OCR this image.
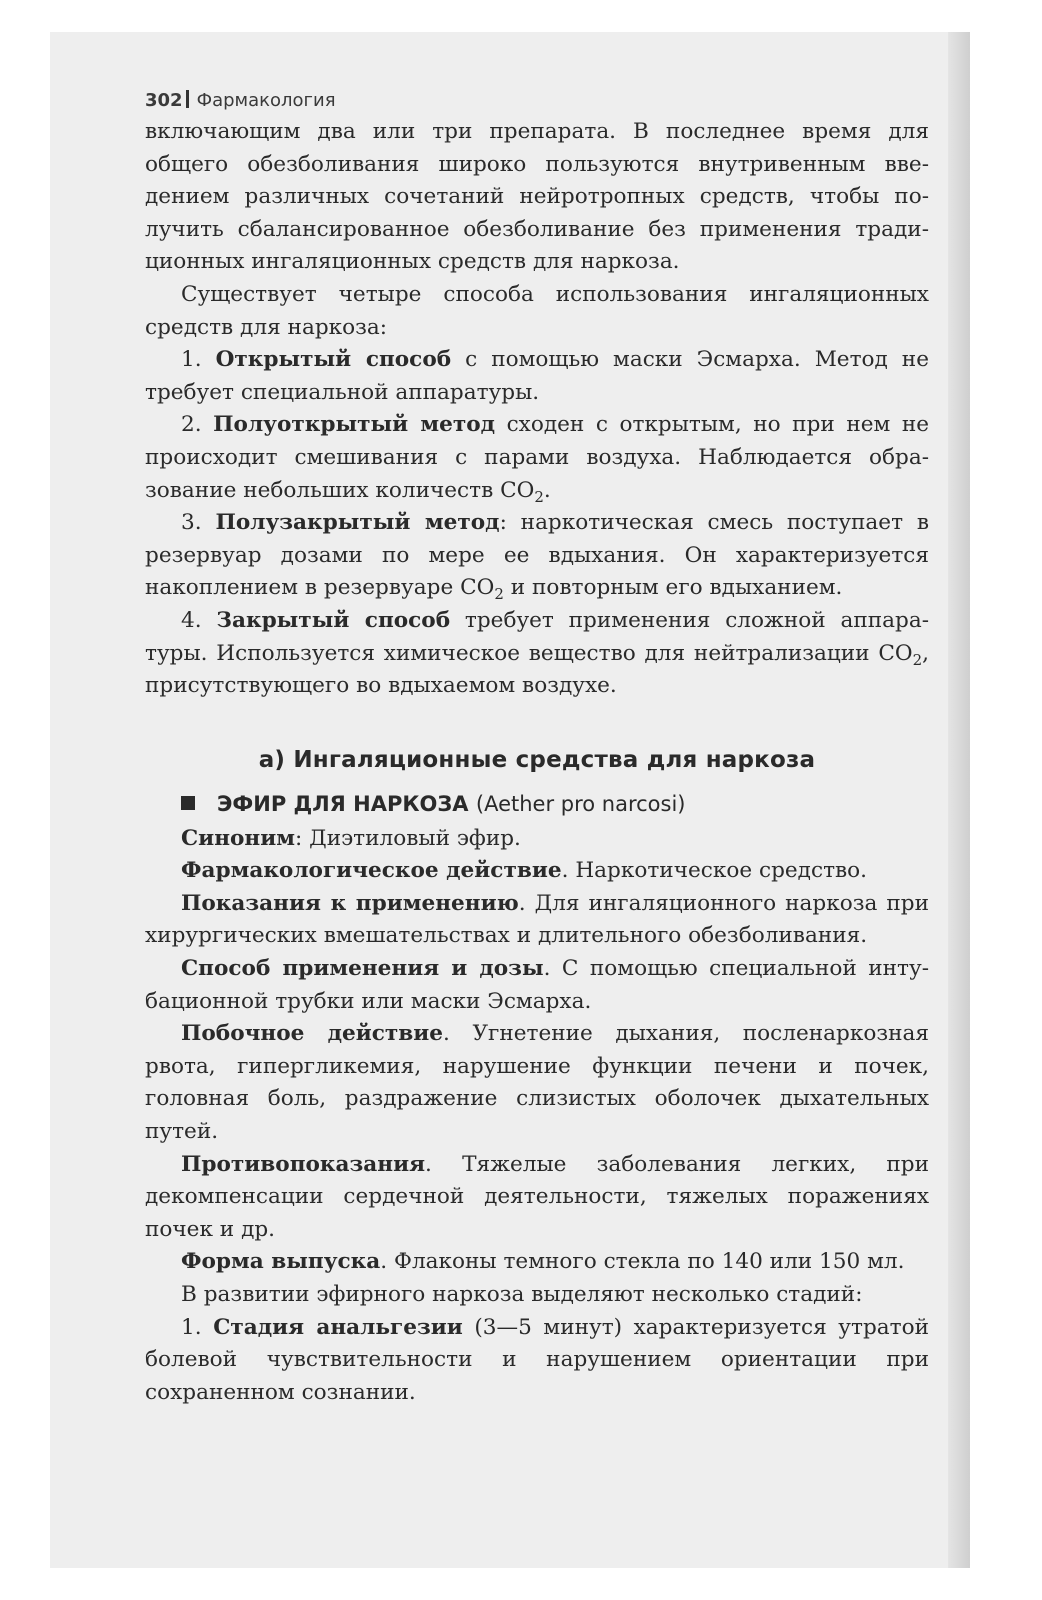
302 Фармакология

включающим два или три препарата. В последнее время для общего обезболивания широко пользуются внутривенным введением различных сочетаний нейротропных средств, чтобы получить сбалансированное обезболивание без применения традиционных ингаляционных средств для наркоза.

Существует четыре способа использования ингаляционных средств для наркоза:

1. Открытый способ с помощью маски Эсмарха. Метод не требует специальной аппаратуры.

2. Полуоткрытый метод сходен с открытым, но при нем не происходит смешивания с парами воздуха. Наблюдается образование небольших количеств $CO_2$.

3. Полузакрытый метод: наркотическая смесь поступает в резервуар дозами по мере ее вдыхания. Он характеризуется накоплением в резервуаре $CO_2$ и повторным его вдыханием.

4. Закрытый способ требует применения сложной аппаратуры. Используется химическое вещество для нейтрализации $CO_2$, присутствующего во вдыхаемом воздухе.

а) Ингаляционные средства для наркоза
ЭФИР ДЛЯ НАРКОЗА (Aether pro narcosi)

Синоним: Диэтиловый эфир.

Фармакологическое действие. Наркотическое средство.

Показания к применению. Для ингаляционного наркоза при хирургических вмешательствах и длительного обезболивания.

Способ применения и дозы. С помощью специальной интубационной трубки или маски Эсмарха.

Побочное действие. Угнетение дыхания, посленаркозная рвота, гипергликемия, нарушение функции печени и почек, головная боль, раздражение слизистых оболочек дыхательных путей.

Противопоказания. Тяжелые заболевания легких, при декомпенсации сердечной деятельности, тяжелых поражениях почек и др.

Форма выпуска. Флаконы темного стекла по 140 или 150 мл.

В развитии эфирного наркоза выделяют несколько стадий:

1. Стадия анальгезии (3—5 минут) характеризуется утратой болевой чувствительности и нарушением ориентации при сохраненном сознании.
